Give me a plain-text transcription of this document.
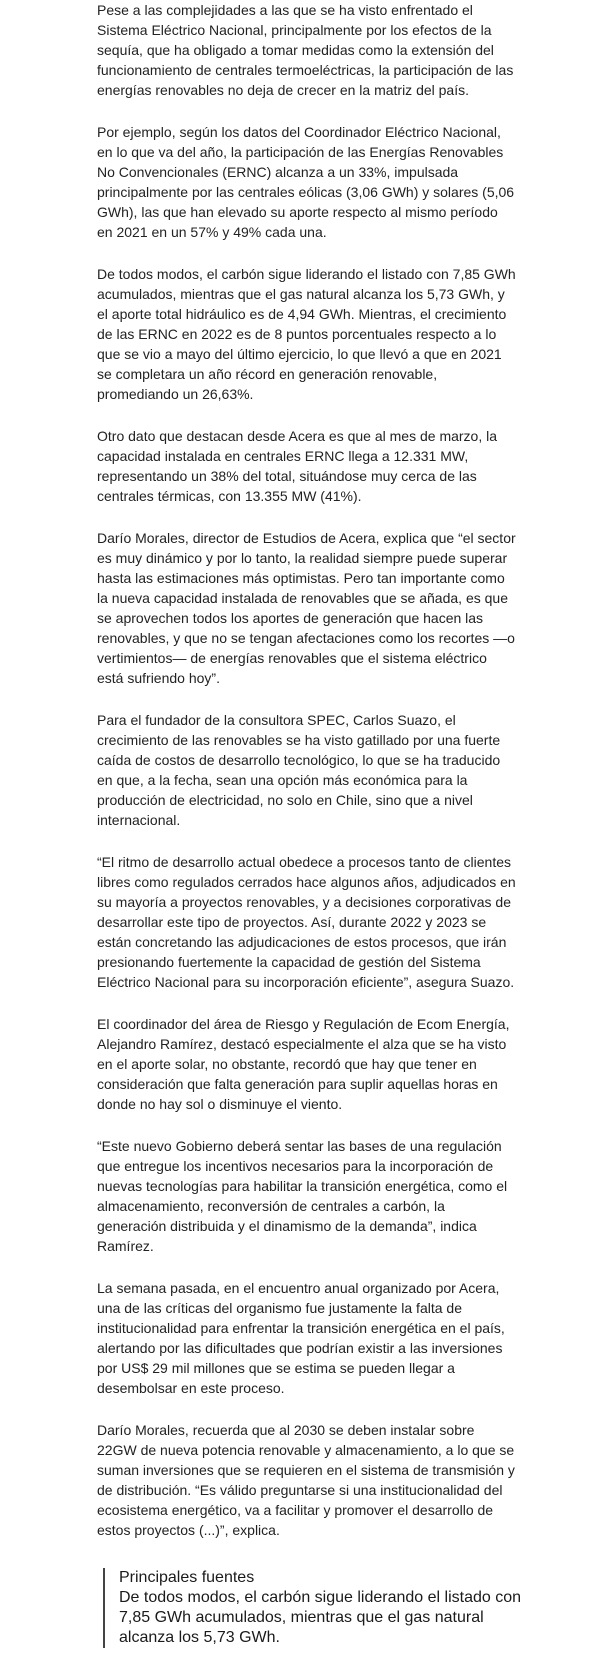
Pese a las complejidades a las que se ha visto enfrentado el Sistema Eléctrico Nacional, principalmente por los efectos de la sequía, que ha obligado a tomar medidas como la extensión del funcionamiento de centrales termoeléctricas, la participación de las energías renovables no deja de crecer en la matriz del país.

Por ejemplo, según los datos del Coordinador Eléctrico Nacional, en lo que va del año, la participación de las Energías Renovables No Convencionales (ERNC) alcanza a un 33%, impulsada principalmente por las centrales eólicas (3,06 GWh) y solares (5,06 GWh), las que han elevado su aporte respecto al mismo período en 2021 en un 57% y 49% cada una.

De todos modos, el carbón sigue liderando el listado con 7,85 GWh acumulados, mientras que el gas natural alcanza los 5,73 GWh, y el aporte total hidráulico es de 4,94 GWh. Mientras, el crecimiento de las ERNC en 2022 es de 8 puntos porcentuales respecto a lo que se vio a mayo del último ejercicio, lo que llevó a que en 2021 se completara un año récord en generación renovable, promediando un 26,63%.

Otro dato que destacan desde Acera es que al mes de marzo, la capacidad instalada en centrales ERNC llega a 12.331 MW, representando un 38% del total, situándose muy cerca de las centrales térmicas, con 13.355 MW (41%).

Darío Morales, director de Estudios de Acera, explica que “el sector es muy dinámico y por lo tanto, la realidad siempre puede superar hasta las estimaciones más optimistas. Pero tan importante como la nueva capacidad instalada de renovables que se añada, es que se aprovechen todos los aportes de generación que hacen las renovables, y que no se tengan afectaciones como los recortes —o vertimientos— de energías renovables que el sistema eléctrico está sufriendo hoy”.

Para el fundador de la consultora SPEC, Carlos Suazo, el crecimiento de las renovables se ha visto gatillado por una fuerte caída de costos de desarrollo tecnológico, lo que se ha traducido en que, a la fecha, sean una opción más económica para la producción de electricidad, no solo en Chile, sino que a nivel internacional.

“El ritmo de desarrollo actual obedece a procesos tanto de clientes libres como regulados cerrados hace algunos años, adjudicados en su mayoría a proyectos renovables, y a decisiones corporativas de desarrollar este tipo de proyectos. Así, durante 2022 y 2023 se están concretando las adjudicaciones de estos procesos, que irán presionando fuertemente la capacidad de gestión del Sistema Eléctrico Nacional para su incorporación eficiente”, asegura Suazo.

El coordinador del área de Riesgo y Regulación de Ecom Energía, Alejandro Ramírez, destacó especialmente el alza que se ha visto en el aporte solar, no obstante, recordó que hay que tener en consideración que falta generación para suplir aquellas horas en donde no hay sol o disminuye el viento.

“Este nuevo Gobierno deberá sentar las bases de una regulación que entregue los incentivos necesarios para la incorporación de nuevas tecnologías para habilitar la transición energética, como el almacenamiento, reconversión de centrales a carbón, la generación distribuida y el dinamismo de la demanda”, indica Ramírez.

La semana pasada, en el encuentro anual organizado por Acera, una de las críticas del organismo fue justamente la falta de institucionalidad para enfrentar la transición energética en el país, alertando por las dificultades que podrían existir a las inversiones por US$ 29 mil millones que se estima se pueden llegar a desembolsar en este proceso.

Darío Morales, recuerda que al 2030 se deben instalar sobre 22GW de nueva potencia renovable y almacenamiento, a lo que se suman inversiones que se requieren en el sistema de transmisión y de distribución. “Es válido preguntarse si una institucionalidad del ecosistema energético, va a facilitar y promover el desarrollo de estos proyectos (...)”, explica.

Principales fuentes

De todos modos, el carbón sigue liderando el listado con 7,85 GWh acumulados, mientras que el gas natural alcanza los 5,73 GWh.
